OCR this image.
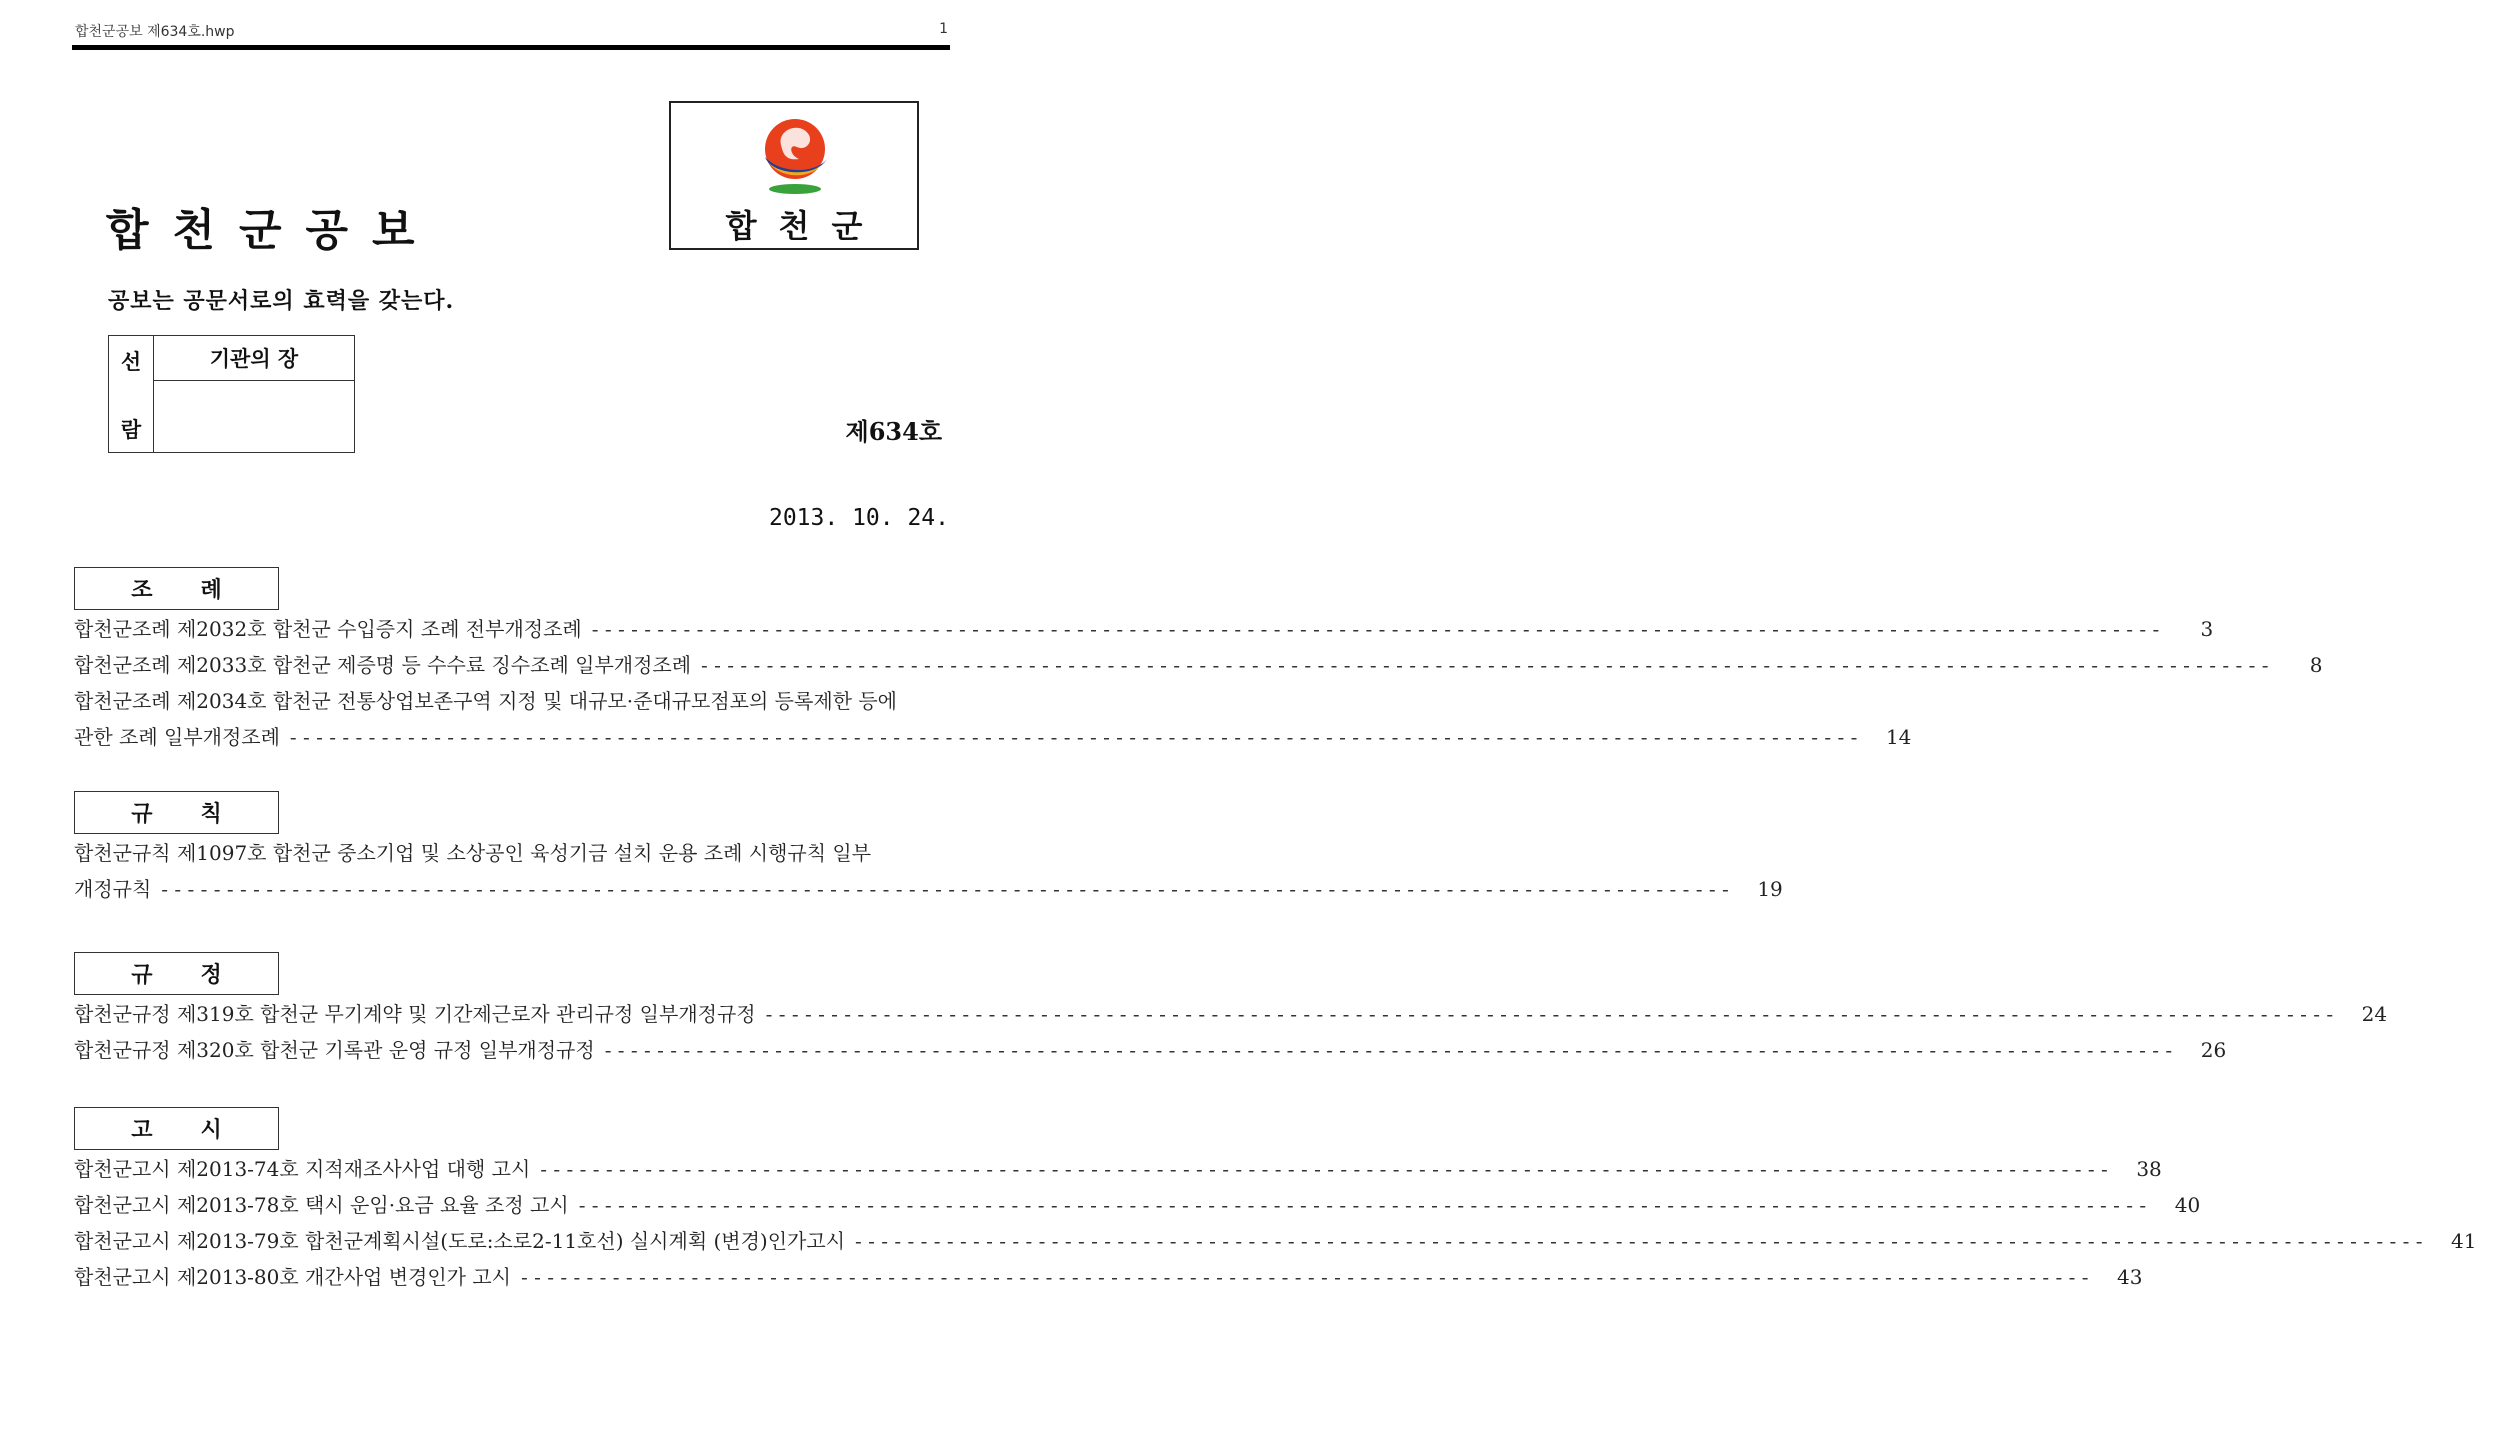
합천군공보 제634호.hwp	1
합천군공보
공보는 공문서로의 효력을 갖는다.
합천군
선
람
	기관의 장

제634호
2013. 10. 24.
조례
합천군조례 제2032호 합천군 수입증지 조례 전부개정조례 - - - - - - - - - - - - - - - - - - - - - - - - - - - - - - - - - - - - - - - - - - - - - - - - - - - - - - - - - - - - - - - - - - - - - - - - - - - - - - - - - - - - - - - - - - - - - - - - - - - - - - - - - - - - - - - - - - - - - - - -	3
합천군조례 제2033호 합천군 제증명 등 수수료 징수조례 일부개정조례 - - - - - - - - - - - - - - - - - - - - - - - - - - - - - - - - - - - - - - - - - - - - - - - - - - - - - - - - - - - - - - - - - - - - - - - - - - - - - - - - - - - - - - - - - - - - - - - - - - - - - - - - - - - - - - - - - - - - - - - -	8
합천군조례 제2034호 합천군 전통상업보존구역 지정 및 대규모·준대규모점포의 등록제한 등에
관한 조례 일부개정조례 - - - - - - - - - - - - - - - - - - - - - - - - - - - - - - - - - - - - - - - - - - - - - - - - - - - - - - - - - - - - - - - - - - - - - - - - - - - - - - - - - - - - - - - - - - - - - - - - - - - - - - - - - - - - - - - - - - - - - - - -	14
규칙
합천군규칙 제1097호 합천군 중소기업 및 소상공인 육성기금 설치 운용 조례 시행규칙 일부
개정규칙 - - - - - - - - - - - - - - - - - - - - - - - - - - - - - - - - - - - - - - - - - - - - - - - - - - - - - - - - - - - - - - - - - - - - - - - - - - - - - - - - - - - - - - - - - - - - - - - - - - - - - - - - - - - - - - - - - - - - - - - -	19
규정
합천군규정 제319호 합천군 무기계약 및 기간제근로자 관리규정 일부개정규정 - - - - - - - - - - - - - - - - - - - - - - - - - - - - - - - - - - - - - - - - - - - - - - - - - - - - - - - - - - - - - - - - - - - - - - - - - - - - - - - - - - - - - - - - - - - - - - - - - - - - - - - - - - - - - - - - - - - - - - - -	24
합천군규정 제320호 합천군 기록관 운영 규정 일부개정규정 - - - - - - - - - - - - - - - - - - - - - - - - - - - - - - - - - - - - - - - - - - - - - - - - - - - - - - - - - - - - - - - - - - - - - - - - - - - - - - - - - - - - - - - - - - - - - - - - - - - - - - - - - - - - - - - - - - - - - - - -	26
고시
합천군고시 제2013-74호 지적재조사사업 대행 고시 - - - - - - - - - - - - - - - - - - - - - - - - - - - - - - - - - - - - - - - - - - - - - - - - - - - - - - - - - - - - - - - - - - - - - - - - - - - - - - - - - - - - - - - - - - - - - - - - - - - - - - - - - - - - - - - - - - - - - - - -	38
합천군고시 제2013-78호 택시 운임·요금 요율 조정 고시 - - - - - - - - - - - - - - - - - - - - - - - - - - - - - - - - - - - - - - - - - - - - - - - - - - - - - - - - - - - - - - - - - - - - - - - - - - - - - - - - - - - - - - - - - - - - - - - - - - - - - - - - - - - - - - - - - - - - - - - -	40
합천군고시 제2013-79호 합천군계획시설(도로:소로2-11호선) 실시계획 (변경)인가고시 - - - - - - - - - - - - - - - - - - - - - - - - - - - - - - - - - - - - - - - - - - - - - - - - - - - - - - - - - - - - - - - - - - - - - - - - - - - - - - - - - - - - - - - - - - - - - - - - - - - - - - - - - - - - - - - - - - - - - - - -	41
합천군고시 제2013-80호 개간사업 변경인가 고시 - - - - - - - - - - - - - - - - - - - - - - - - - - - - - - - - - - - - - - - - - - - - - - - - - - - - - - - - - - - - - - - - - - - - - - - - - - - - - - - - - - - - - - - - - - - - - - - - - - - - - - - - - - - - - - - - - - - - - - - -	43
